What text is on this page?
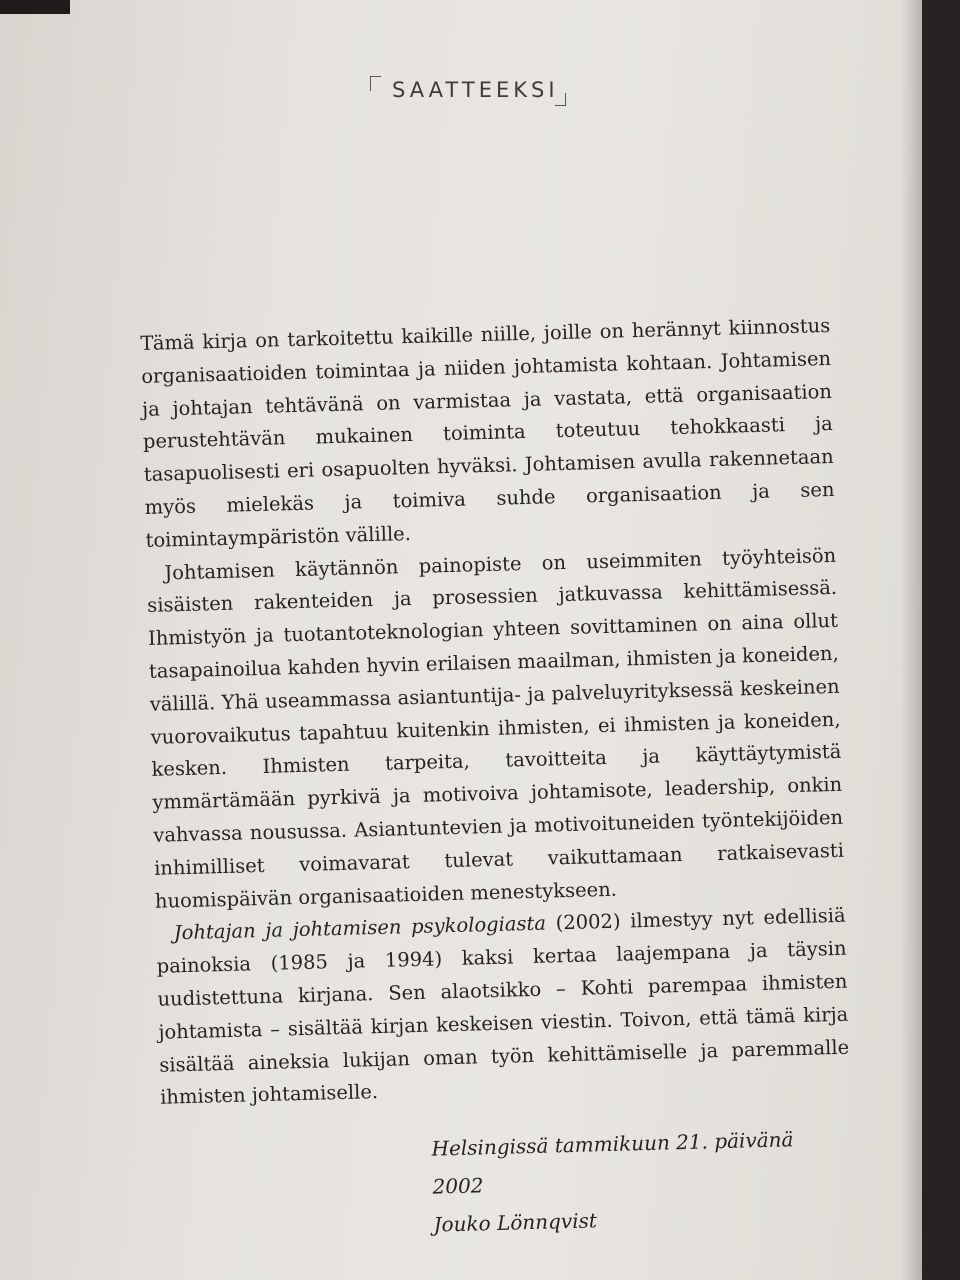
SAATTEEKSI

Tämä kirja on tarkoitettu kaikille niille, joille on herännyt kiinnostus organisaatioiden toimintaa ja niiden johtamista kohtaan. Johtamisen ja johtajan tehtävänä on varmistaa ja vastata, että organisaation perustehtävän mukainen toiminta toteutuu tehokkaasti ja tasapuolisesti eri osapuolten hyväksi. Johtamisen avulla rakennetaan myös mielekäs ja toimiva suhde organisaation ja sen toimintaympäristön välille.

Johtamisen käytännön painopiste on useimmiten työyhteisön sisäisten rakenteiden ja prosessien jatkuvassa kehittämisessä. Ihmistyön ja tuotantoteknologian yhteen sovittaminen on aina ollut tasapainoilua kahden hyvin erilaisen maailman, ihmisten ja koneiden, välillä. Yhä useammassa asiantuntija- ja palveluyrityksessä keskeinen vuorovaikutus tapahtuu kuitenkin ihmisten, ei ihmisten ja koneiden, kesken. Ihmisten tarpeita, tavoitteita ja käyttäytymistä ymmärtämään pyrkivä ja motivoiva johtamisote, leadership, onkin vahvassa nousussa. Asiantuntevien ja motivoituneiden työntekijöiden inhimilliset voimavarat tulevat vaikuttamaan ratkaisevasti huomispäivän organisaatioiden menestykseen.

Johtajan ja johtamisen psykologiasta (2002) ilmestyy nyt edellisiä painoksia (1985 ja 1994) kaksi kertaa laajempana ja täysin uudistettuna kirjana. Sen alaotsikko – Kohti parempaa ihmisten johtamista – sisältää kirjan keskeisen viestin. Toivon, että tämä kirja sisältää aineksia lukijan oman työn kehittämiselle ja paremmalle ihmisten johtamiselle.

Helsingissä tammikuun 21. päivänä 2002
Jouko Lönnqvist
